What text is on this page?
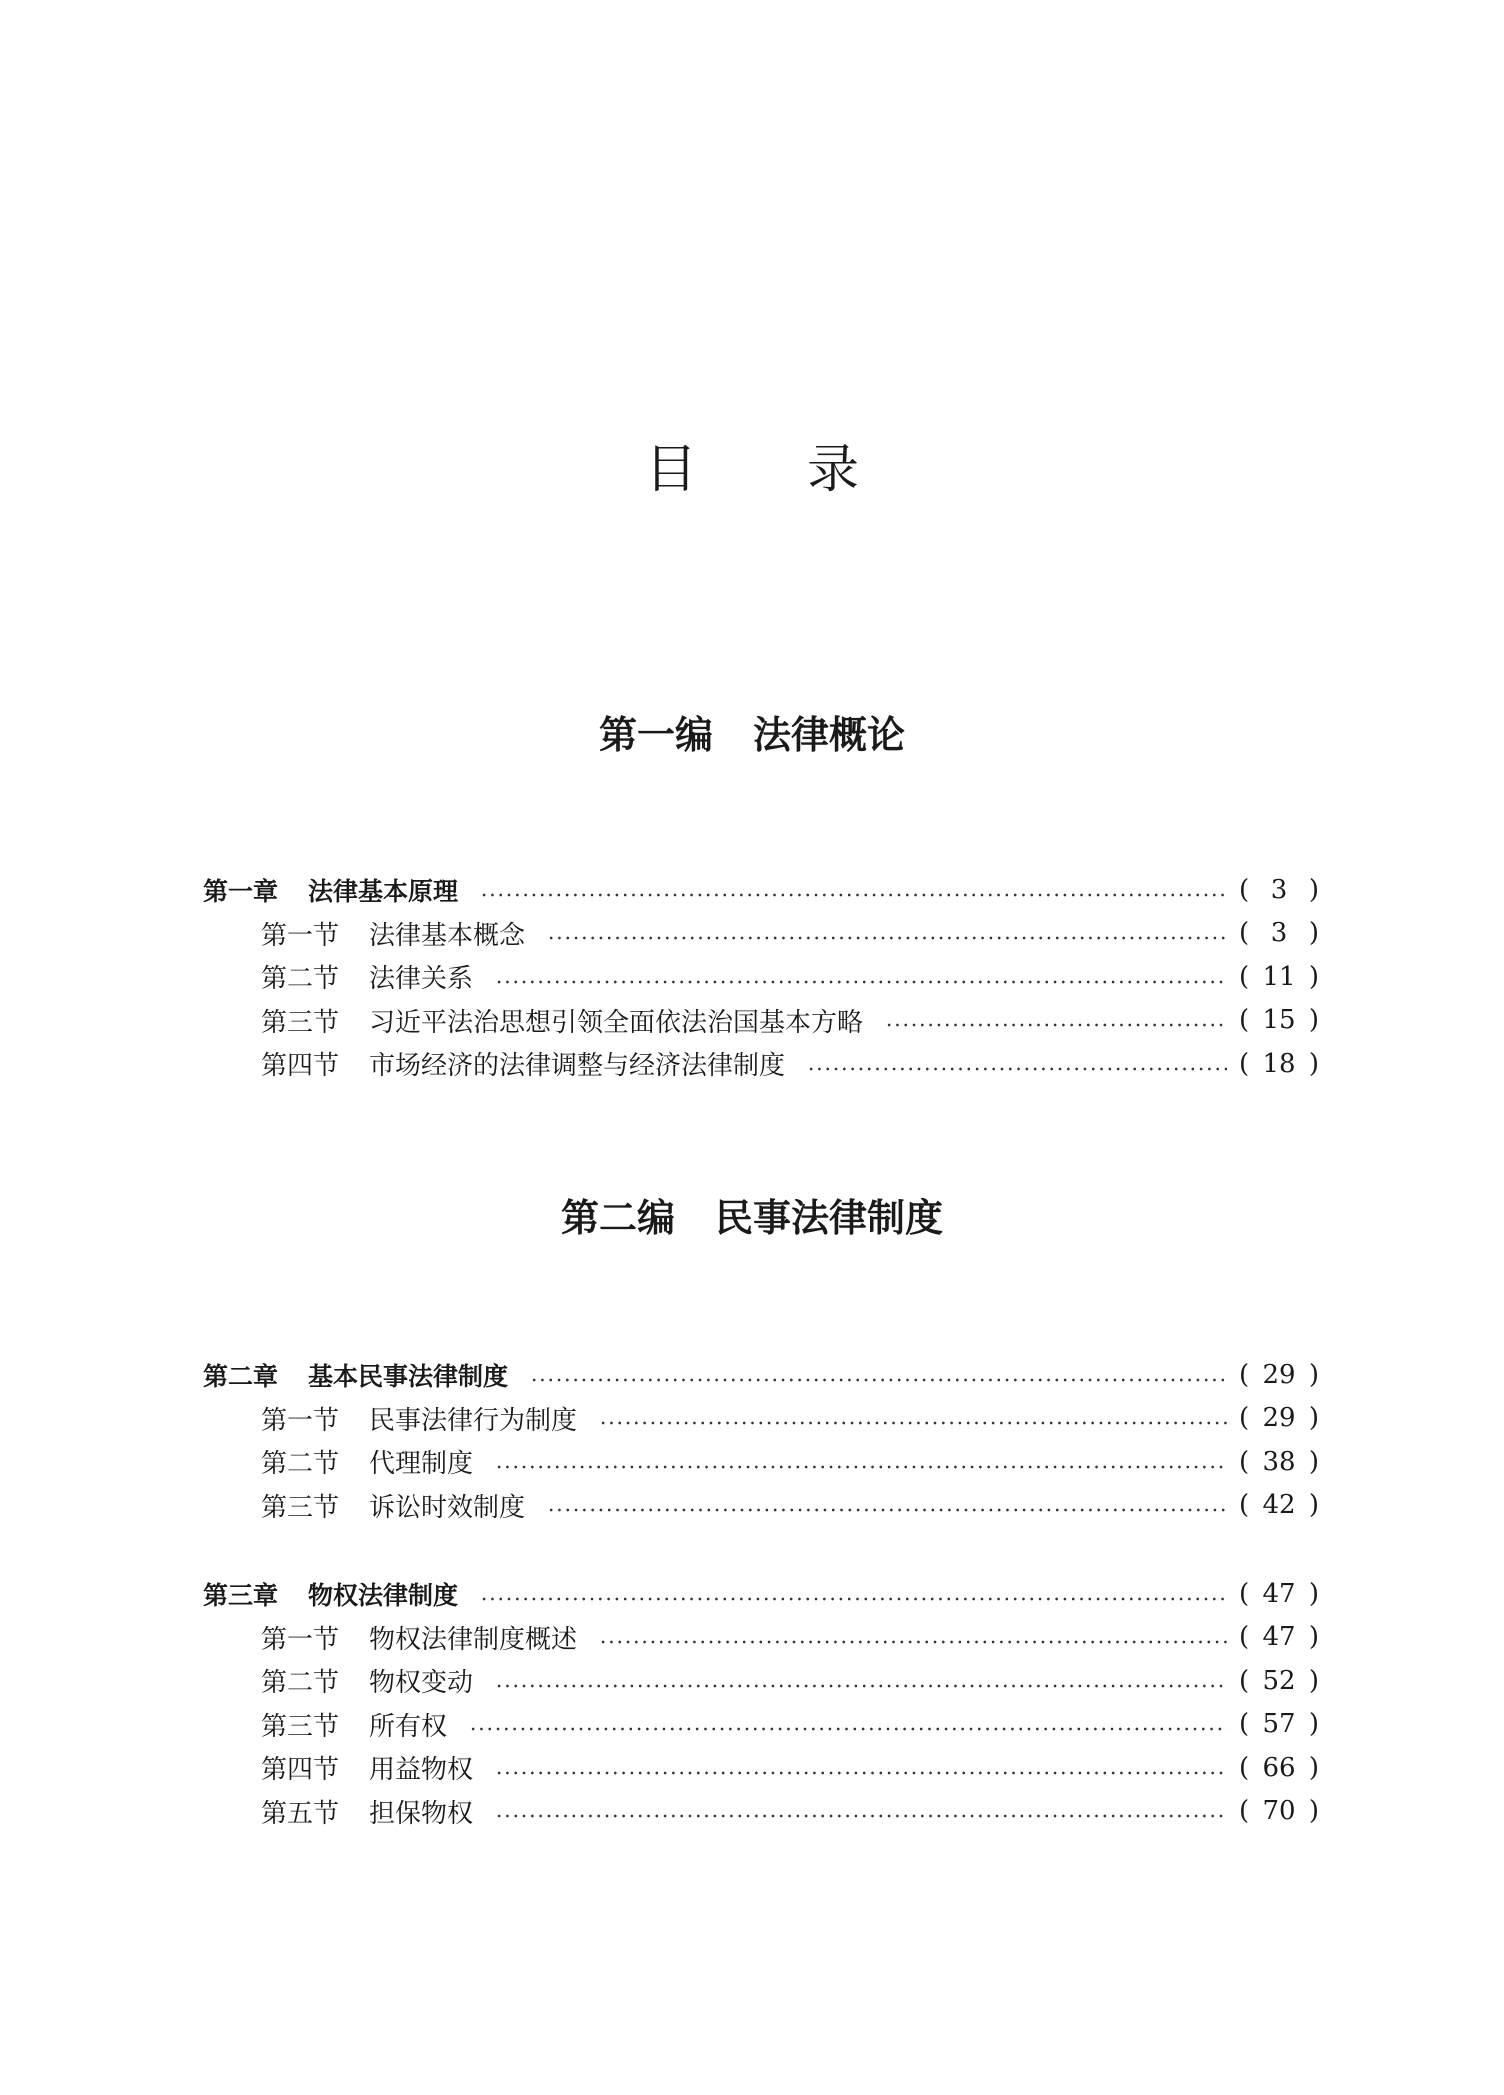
目录
第一编 法律概论
第一章 法律基本原理	( 3 )
第一节 法律基本概念	( 3 )
第二节 法律关系	( 11 )
第三节 习近平法治思想引领全面依法治国基本方略	( 15 )
第四节 市场经济的法律调整与经济法律制度	( 18 )
第二编 民事法律制度
第二章 基本民事法律制度	( 29 )
第一节 民事法律行为制度	( 29 )
第二节 代理制度	( 38 )
第三节 诉讼时效制度	( 42 )
第三章 物权法律制度	( 47 )
第一节 物权法律制度概述	( 47 )
第二节 物权变动	( 52 )
第三节 所有权	( 57 )
第四节 用益物权	( 66 )
第五节 担保物权	( 70 )
